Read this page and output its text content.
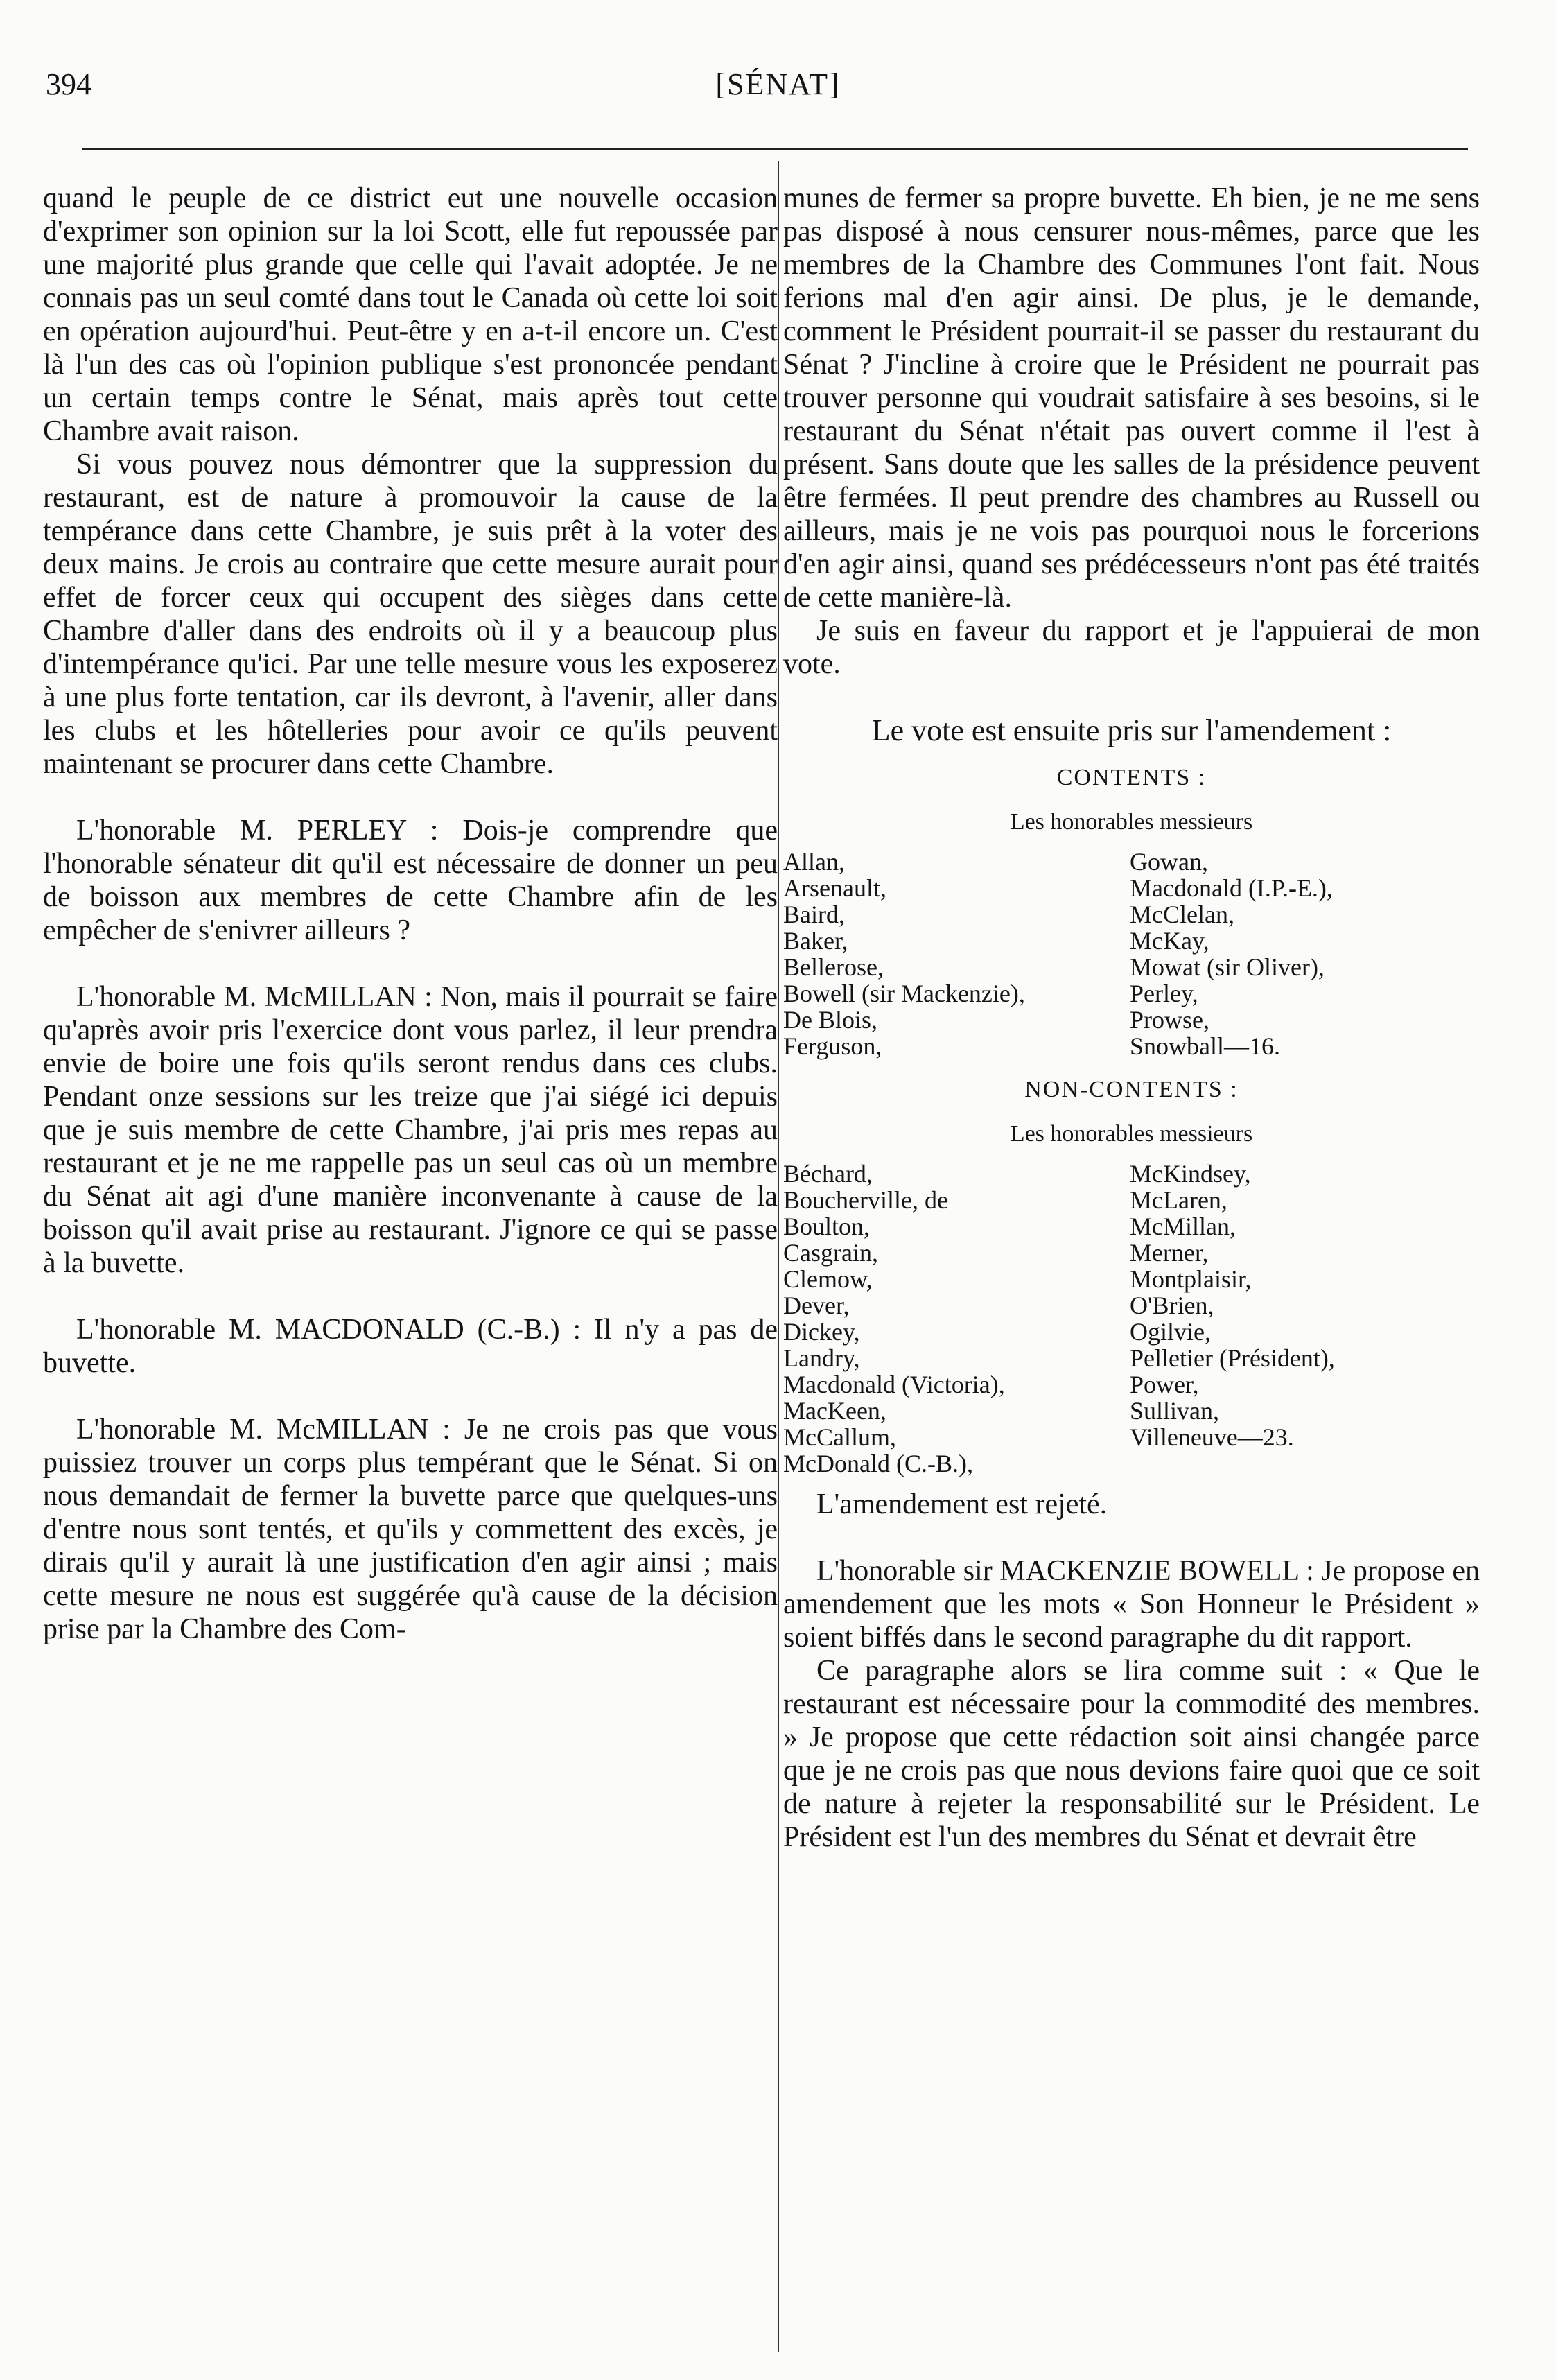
394	[SÉNAT]

quand le peuple de ce district eut une nouvelle occasion d'exprimer son opinion sur la loi Scott, elle fut repoussée par une majorité plus grande que celle qui l'avait adoptée. Je ne connais pas un seul comté dans tout le Canada où cette loi soit en opération aujourd'hui. Peut-être y en a-t-il encore un. C'est là l'un des cas où l'opinion publique s'est prononcée pendant un certain temps contre le Sénat, mais après tout cette Chambre avait raison.

Si vous pouvez nous démontrer que la suppression du restaurant, est de nature à promouvoir la cause de la tempérance dans cette Chambre, je suis prêt à la voter des deux mains. Je crois au contraire que cette mesure aurait pour effet de forcer ceux qui occupent des sièges dans cette Chambre d'aller dans des endroits où il y a beaucoup plus d'intempérance qu'ici. Par une telle mesure vous les exposerez à une plus forte tentation, car ils devront, à l'avenir, aller dans les clubs et les hôtelleries pour avoir ce qu'ils peuvent maintenant se procurer dans cette Chambre.

L'honorable M. PERLEY : Dois-je comprendre que l'honorable sénateur dit qu'il est nécessaire de donner un peu de boisson aux membres de cette Chambre afin de les empêcher de s'enivrer ailleurs ?

L'honorable M. McMILLAN : Non, mais il pourrait se faire qu'après avoir pris l'exercice dont vous parlez, il leur prendra envie de boire une fois qu'ils seront rendus dans ces clubs. Pendant onze sessions sur les treize que j'ai siégé ici depuis que je suis membre de cette Chambre, j'ai pris mes repas au restaurant et je ne me rappelle pas un seul cas où un membre du Sénat ait agi d'une manière inconvenante à cause de la boisson qu'il avait prise au restaurant. J'ignore ce qui se passe à la buvette.

L'honorable M. MACDONALD (C.-B.) : Il n'y a pas de buvette.

L'honorable M. McMILLAN : Je ne crois pas que vous puissiez trouver un corps plus tempérant que le Sénat. Si on nous demandait de fermer la buvette parce que quelques-uns d'entre nous sont tentés, et qu'ils y commettent des excès, je dirais qu'il y aurait là une justification d'en agir ainsi ; mais cette mesure ne nous est suggérée qu'à cause de la décision prise par la Chambre des Com-

munes de fermer sa propre buvette. Eh bien, je ne me sens pas disposé à nous censurer nous-mêmes, parce que les membres de la Chambre des Communes l'ont fait. Nous ferions mal d'en agir ainsi. De plus, je le demande, comment le Président pourrait-il se passer du restaurant du Sénat ? J'incline à croire que le Président ne pourrait pas trouver personne qui voudrait satisfaire à ses besoins, si le restaurant du Sénat n'était pas ouvert comme il l'est à présent. Sans doute que les salles de la présidence peuvent être fermées. Il peut prendre des chambres au Russell ou ailleurs, mais je ne vois pas pourquoi nous le forcerions d'en agir ainsi, quand ses prédécesseurs n'ont pas été traités de cette manière-là.

Je suis en faveur du rapport et je l'appuierai de mon vote.

Le vote est ensuite pris sur l'amendement :
CONTENTS :
Les honorables messieurs
Allan,	Gowan,
Arsenault,	Macdonald (I.P.-E.),
Baird,	McClelan,
Baker,	McKay,
Bellerose,	Mowat (sir Oliver),
Bowell (sir Mackenzie),	Perley,
De Blois,	Prowse,
Ferguson,	Snowball—16.
NON-CONTENTS :
Les honorables messieurs
Béchard,	McKindsey,
Boucherville, de	McLaren,
Boulton,	McMillan,
Casgrain,	Merner,
Clemow,	Montplaisir,
Dever,	O'Brien,
Dickey,	Ogilvie,
Landry,	Pelletier (Président),
Macdonald (Victoria),	Power,
MacKeen,	Sullivan,
McCallum,	Villeneuve—23.
McDonald (C.-B.),

L'amendement est rejeté.

L'honorable sir MACKENZIE BOWELL : Je propose en amendement que les mots « Son Honneur le Président » soient biffés dans le second paragraphe du dit rapport.

Ce paragraphe alors se lira comme suit : « Que le restaurant est nécessaire pour la commodité des membres. » Je propose que cette rédaction soit ainsi changée parce que je ne crois pas que nous devions faire quoi que ce soit de nature à rejeter la responsabilité sur le Président. Le Président est l'un des membres du Sénat et devrait être
